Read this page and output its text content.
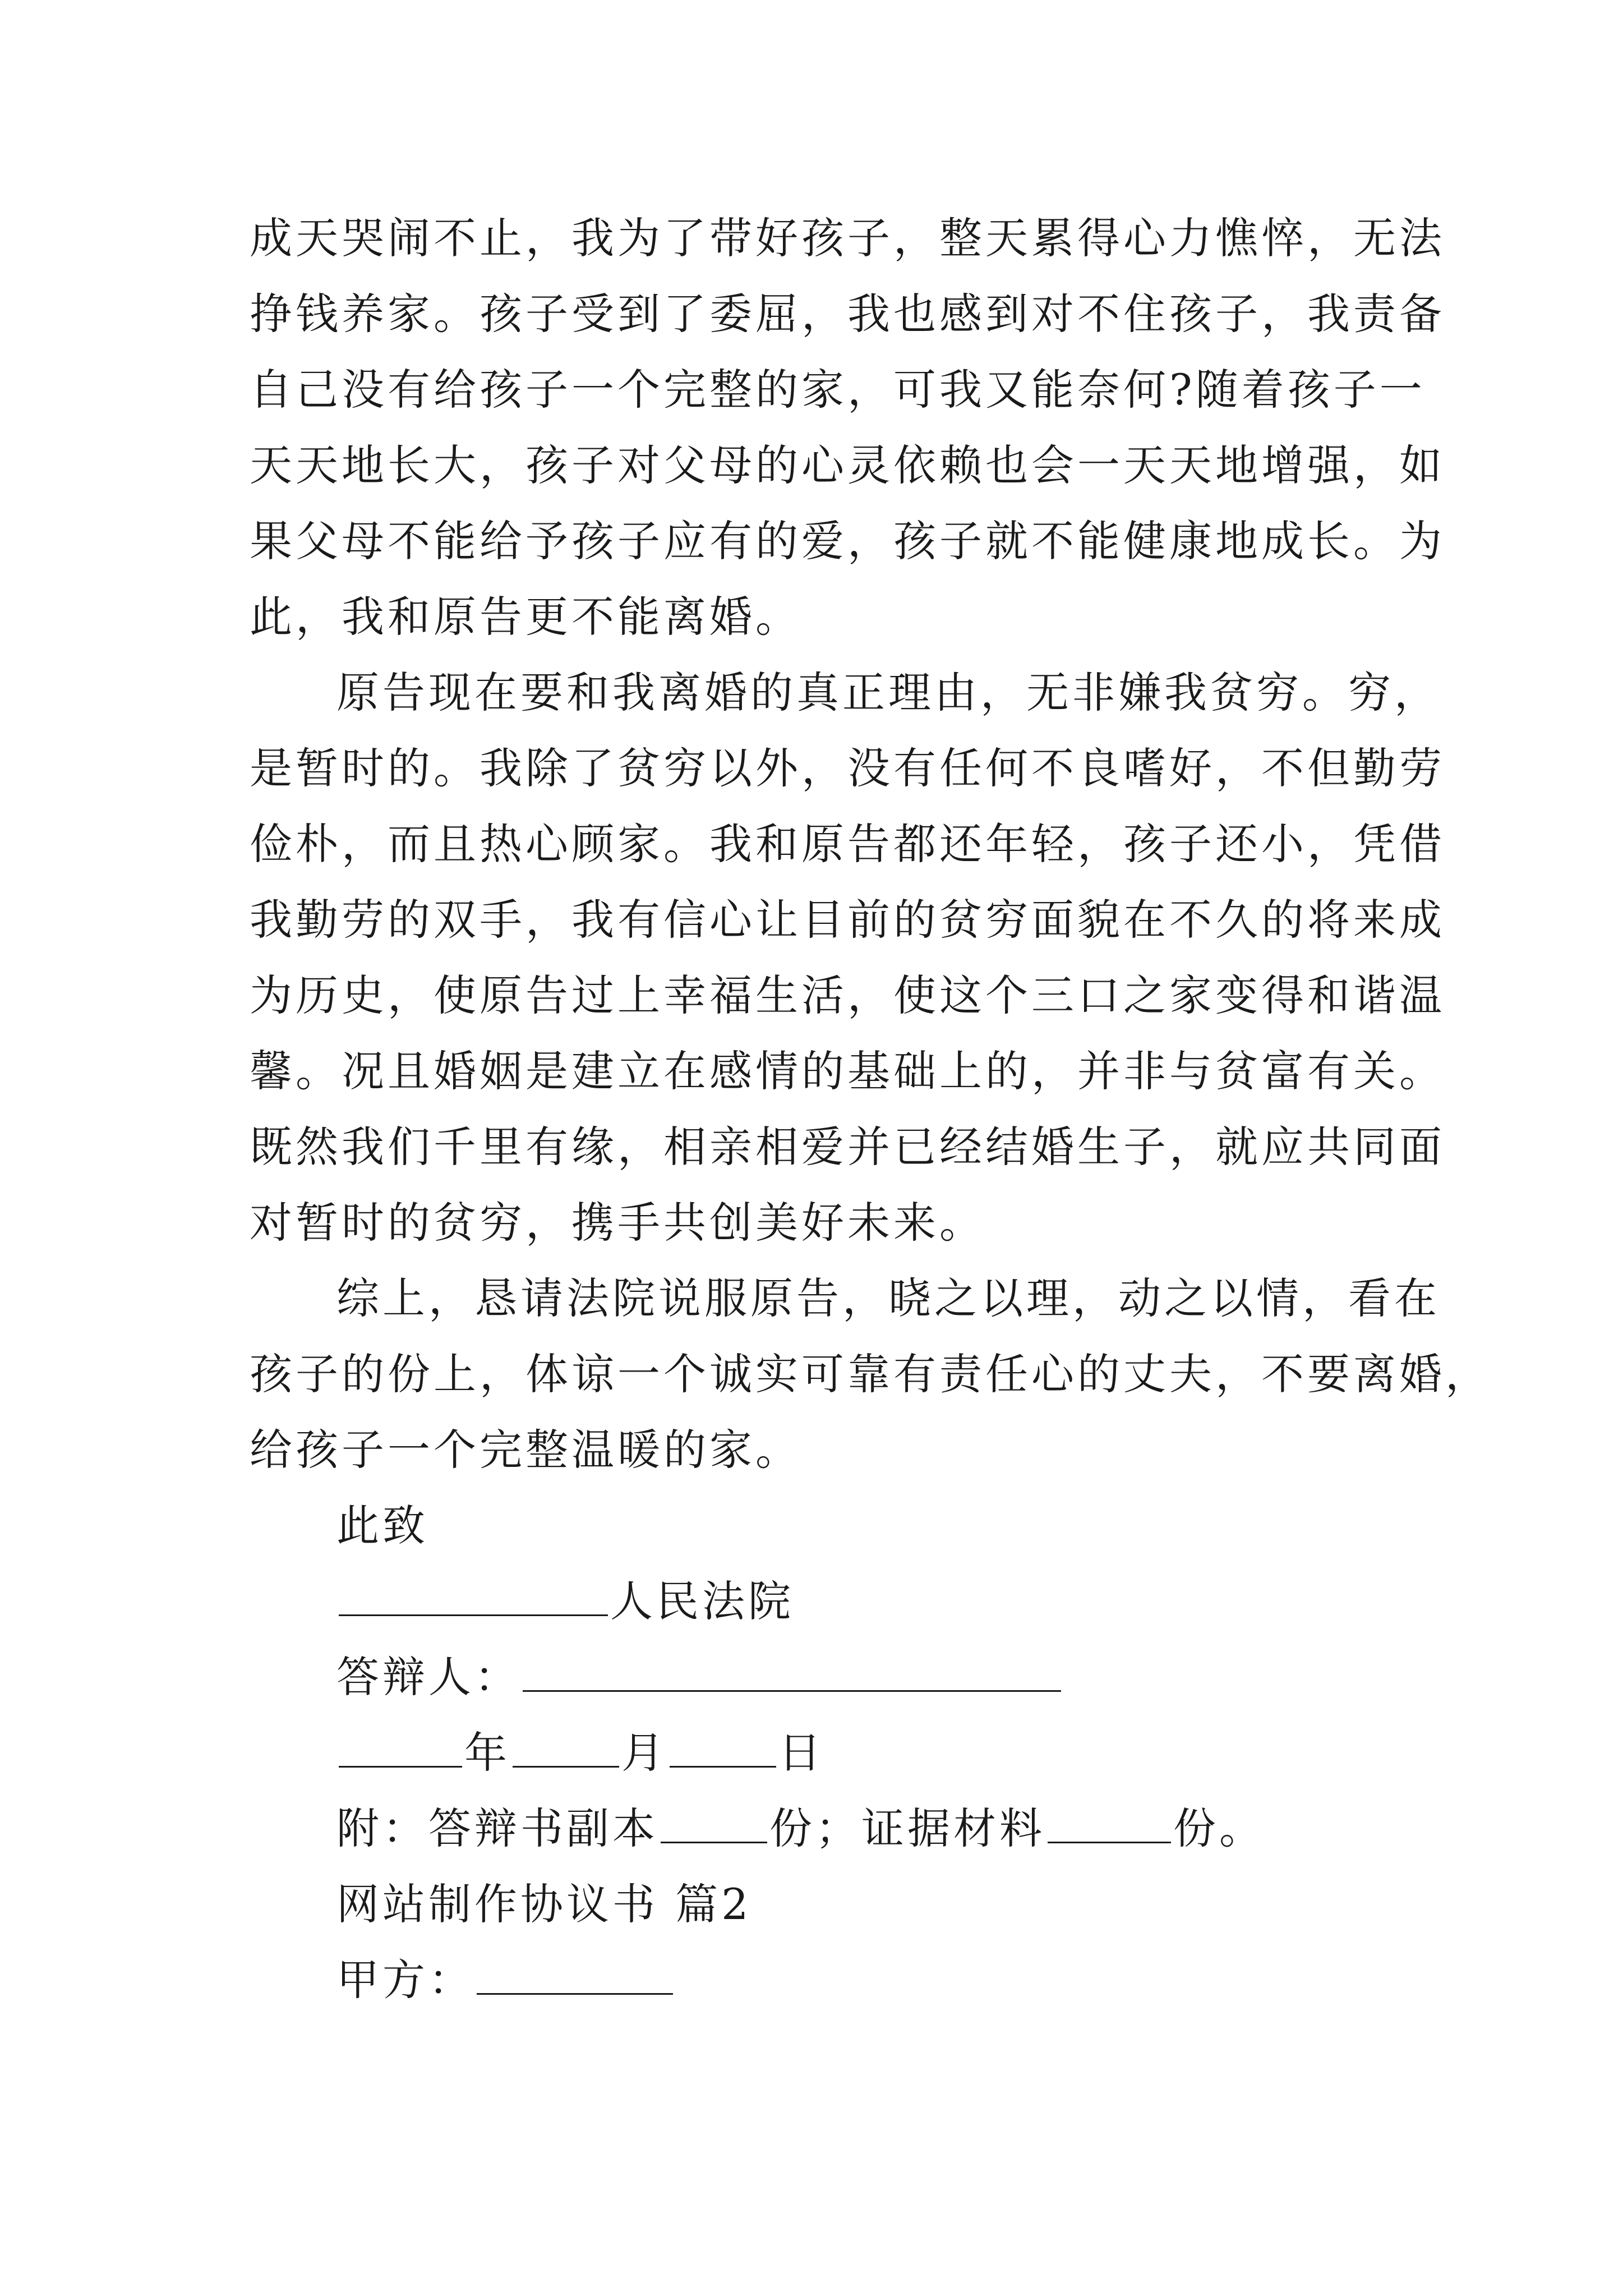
成天哭闹不止，我为了带好孩子，整天累得心力憔悴，无法
挣钱养家。孩子受到了委屈，我也感到对不住孩子，我责备
自己没有给孩子一个完整的家，可我又能奈何?随着孩子一
天天地长大，孩子对父母的心灵依赖也会一天天地增强，如
果父母不能给予孩子应有的爱，孩子就不能健康地成长。为
此，我和原告更不能离婚。
原告现在要和我离婚的真正理由，无非嫌我贫穷。穷，
是暂时的。我除了贫穷以外，没有任何不良嗜好，不但勤劳
俭朴，而且热心顾家。我和原告都还年轻，孩子还小，凭借
我勤劳的双手，我有信心让目前的贫穷面貌在不久的将来成
为历史，使原告过上幸福生活，使这个三口之家变得和谐温
馨。况且婚姻是建立在感情的基础上的，并非与贫富有关。
既然我们千里有缘，相亲相爱并已经结婚生子，就应共同面
对暂时的贫穷，携手共创美好未来。
综上，恳请法院说服原告，晓之以理，动之以情，看在
孩子的份上，体谅一个诚实可靠有责任心的丈夫，不要离婚，
给孩子一个完整温暖的家。
此致
人民法院
答辩人：
年	月	日
附：答辩书副本	份；证据材料	份。
网站制作协议书 篇2
甲方：
